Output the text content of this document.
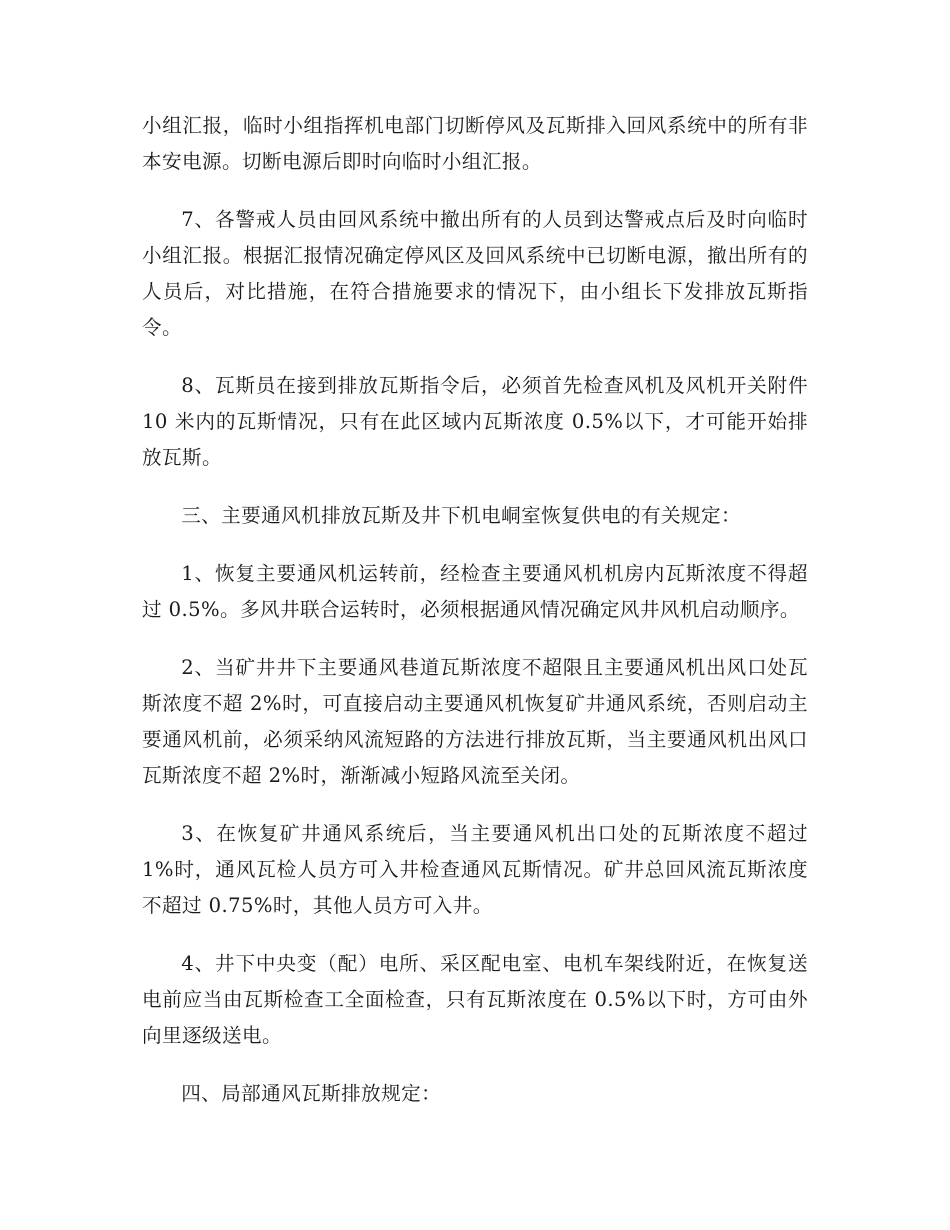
小组汇报，临时小组指挥机电部门切断停风及瓦斯排入回风系统中的所有非本安电源。切断电源后即时向临时小组汇报。

7、各警戒人员由回风系统中撤出所有的人员到达警戒点后及时向临时小组汇报。根据汇报情况确定停风区及回风系统中已切断电源，撤出所有的人员后，对比措施，在符合措施要求的情况下，由小组长下发排放瓦斯指令。

8、瓦斯员在接到排放瓦斯指令后，必须首先检查风机及风机开关附件 10 米内的瓦斯情况，只有在此区域内瓦斯浓度 0.5%以下，才可能开始排放瓦斯。

三、主要通风机排放瓦斯及井下机电峒室恢复供电的有关规定：

1、恢复主要通风机运转前，经检查主要通风机机房内瓦斯浓度不得超过 0.5%。多风井联合运转时，必须根据通风情况确定风井风机启动顺序。

2、当矿井井下主要通风巷道瓦斯浓度不超限且主要通风机出风口处瓦斯浓度不超 2%时，可直接启动主要通风机恢复矿井通风系统，否则启动主要通风机前，必须采纳风流短路的方法进行排放瓦斯，当主要通风机出风口瓦斯浓度不超 2%时，渐渐减小短路风流至关闭。

3、在恢复矿井通风系统后，当主要通风机出口处的瓦斯浓度不超过 1%时，通风瓦检人员方可入井检查通风瓦斯情况。矿井总回风流瓦斯浓度不超过 0.75%时，其他人员方可入井。

4、井下中央变（配）电所、采区配电室、电机车架线附近，在恢复送电前应当由瓦斯检查工全面检查，只有瓦斯浓度在 0.5%以下时，方可由外向里逐级送电。

四、局部通风瓦斯排放规定：
